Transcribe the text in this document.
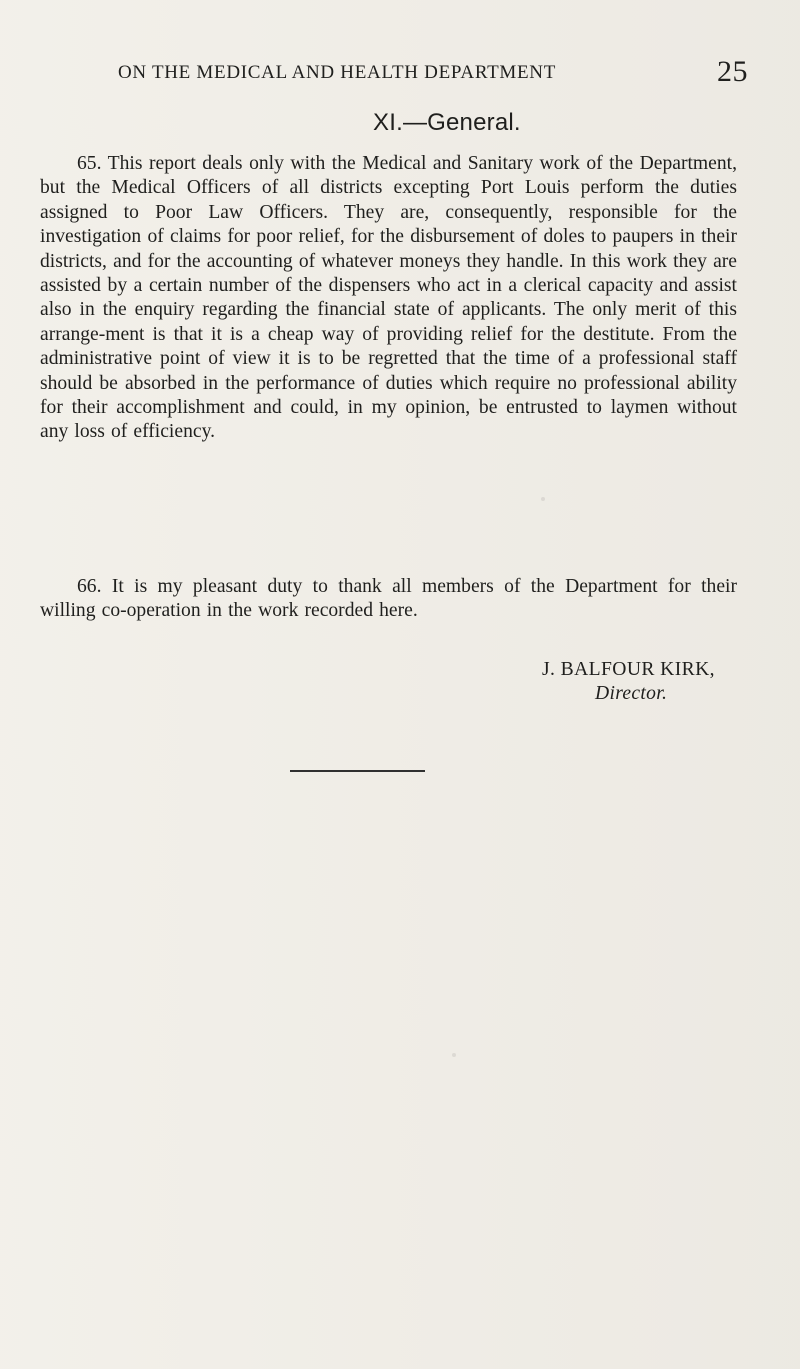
ON THE MEDICAL AND HEALTH DEPARTMENT	25
XI.—General.

65. This report deals only with the Medical and Sanitary work of the Department, but the Medical Officers of all districts excepting Port Louis perform the duties assigned to Poor Law Officers. They are, consequently, responsible for the investigation of claims for poor relief, for the disbursement of doles to paupers in their districts, and for the accounting of whatever moneys they handle. In this work they are assisted by a certain number of the dispensers who act in a clerical capacity and assist also in the enquiry regarding the financial state of applicants. The only merit of this arrange-ment is that it is a cheap way of providing relief for the destitute. From the administrative point of view it is to be regretted that the time of a professional staff should be absorbed in the performance of duties which require no professional ability for their accomplishment and could, in my opinion, be entrusted to laymen without any loss of efficiency.

66. It is my pleasant duty to thank all members of the Department for their willing co-operation in the work recorded here.

J. BALFOUR KIRK,
Director.
